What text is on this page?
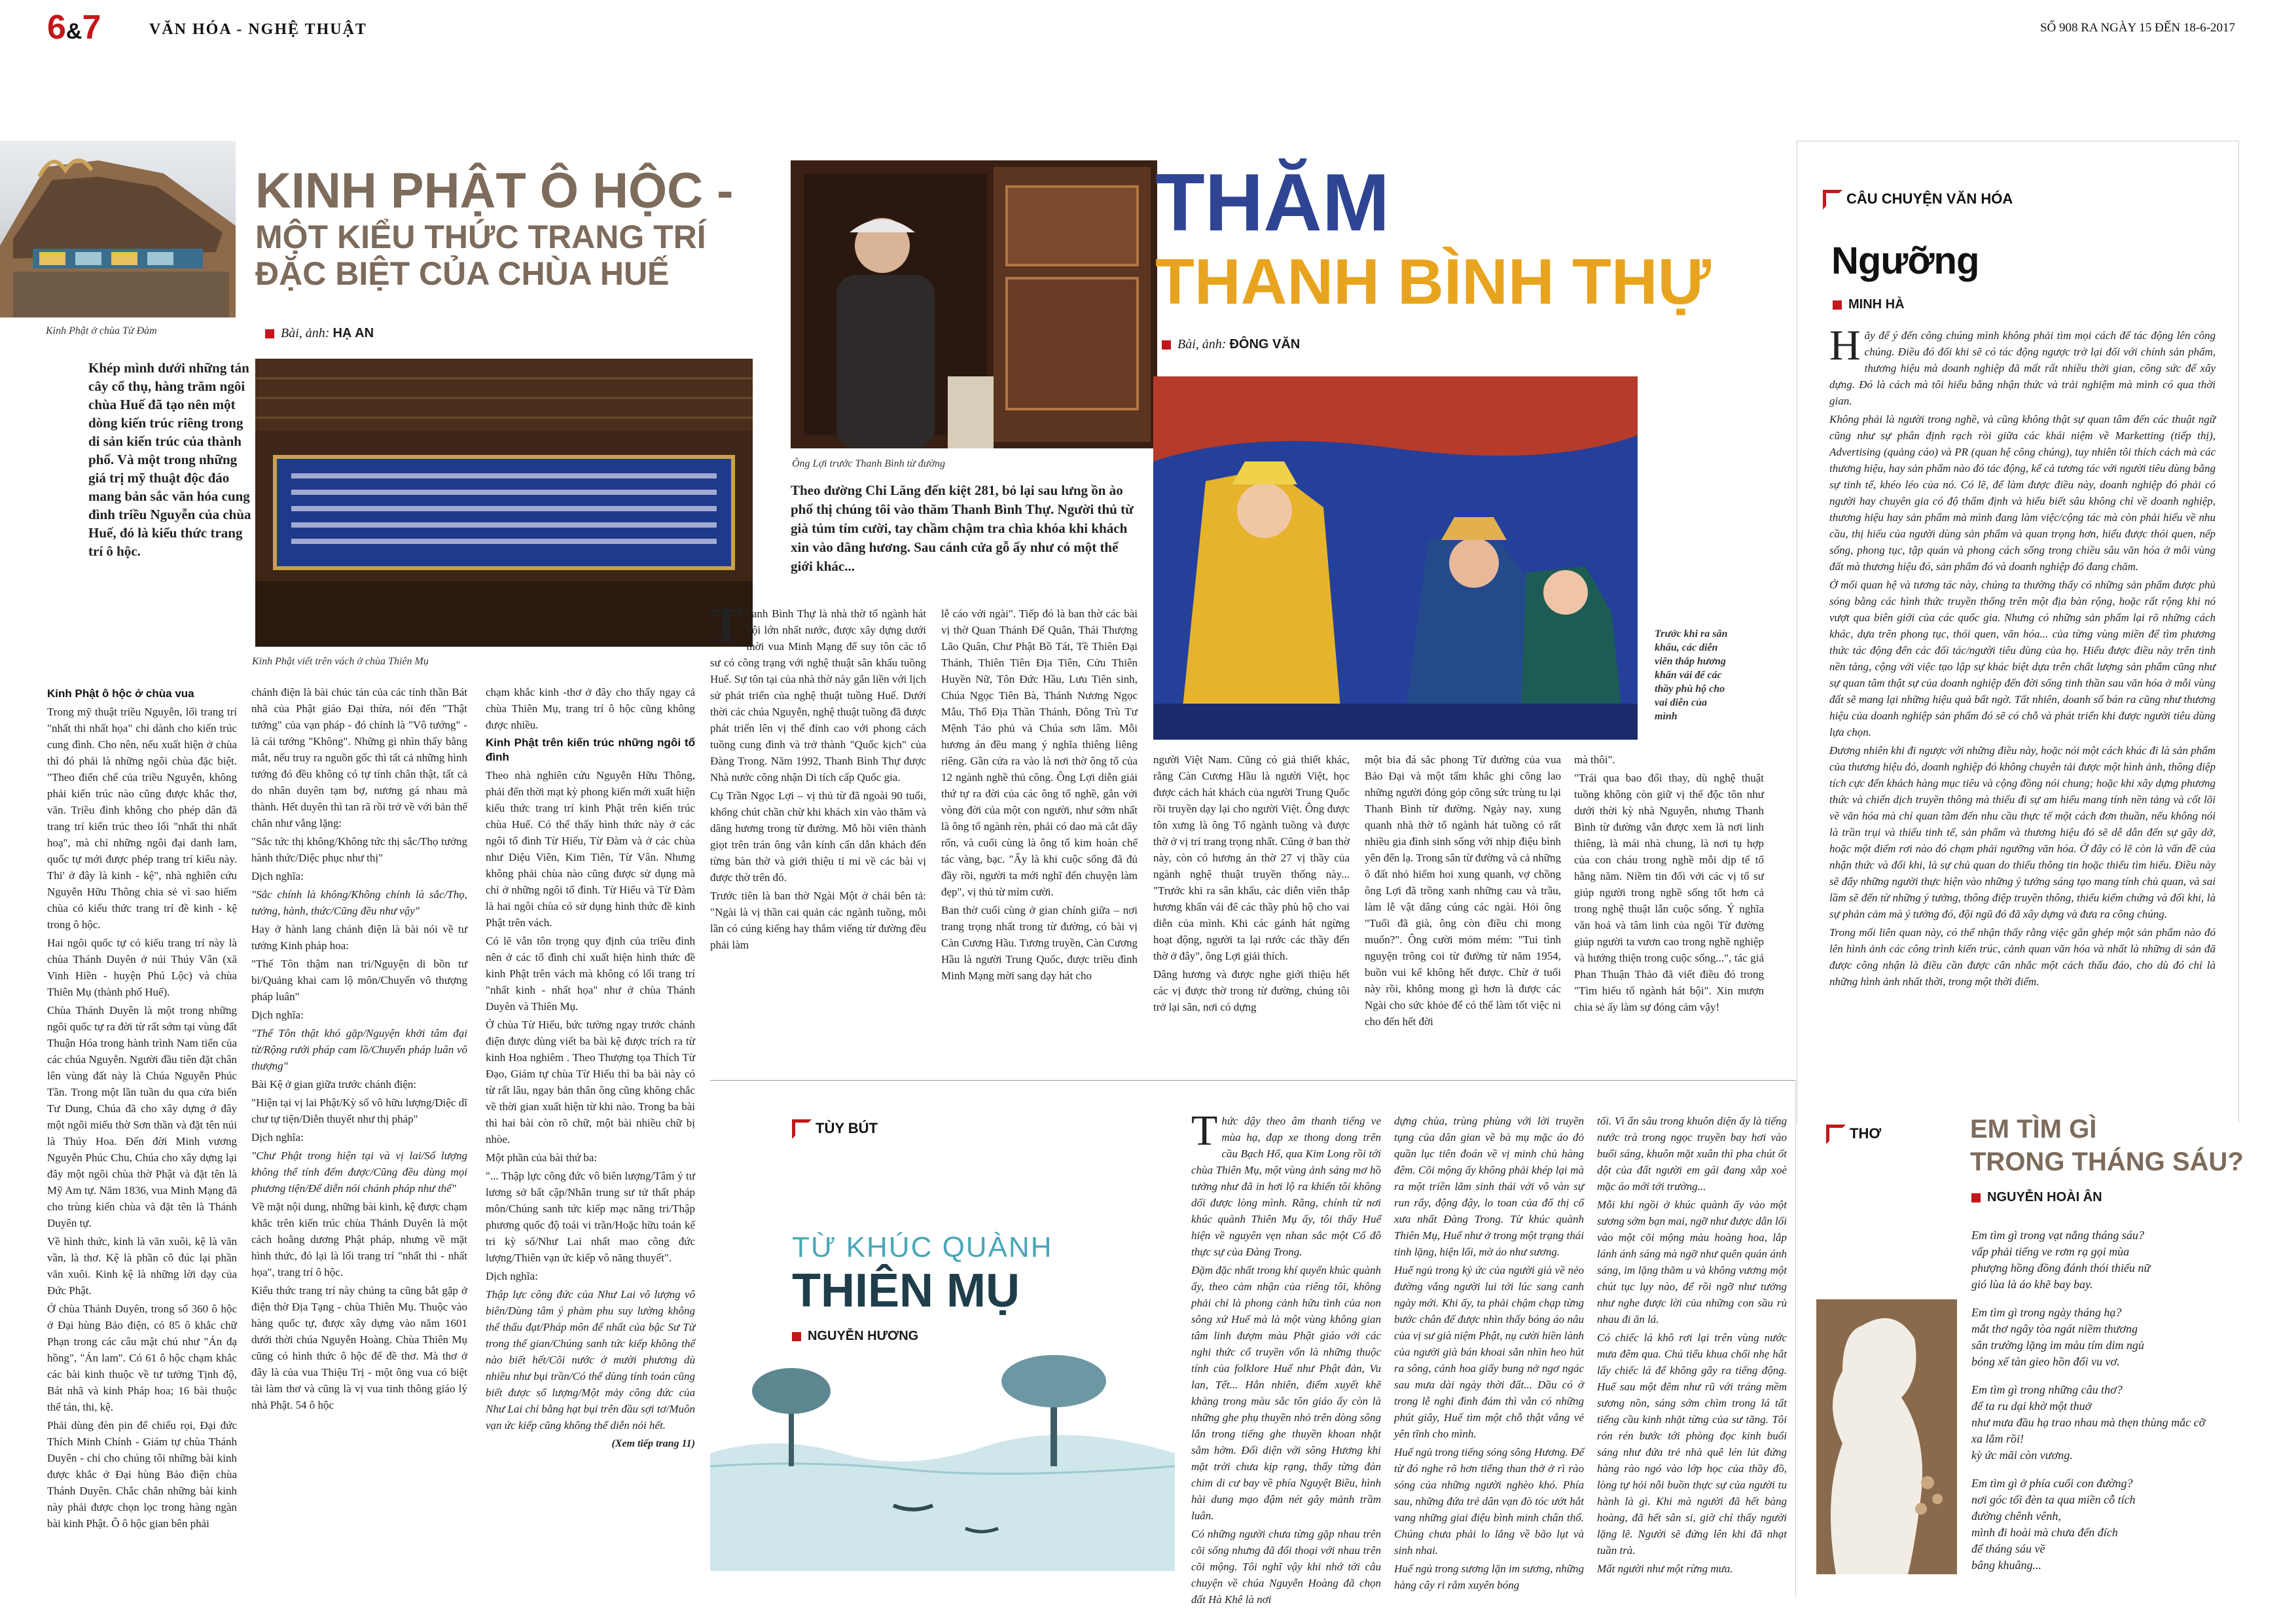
6&7	VĂN HÓA - NGHỆ THUẬT	SỐ 908 RA NGÀY 15 ĐẾN 18-6-2017
Kinh Phật ở chùa Từ Đàm
KINH PHẬT Ô HỘC -
MỘT KIỂU THỨC TRANG TRÍ
ĐẶC BIỆT CỦA CHÙA HUẾ
Bài, ảnh: HẠ AN
Khép mình dưới những tán cây cổ thụ, hàng trăm ngôi chùa Huế đã tạo nên một dòng kiến trúc riêng trong di sản kiến trúc của thành phố. Và một trong những giá trị mỹ thuật độc đáo mang bản sắc văn hóa cung đình triều Nguyễn của chùa Huế, đó là kiểu thức trang trí ô hộc.
Kinh Phật viết trên vách ở chùa Thiên Mụ
Kinh Phật ô hộc ở chùa vua

Trong mỹ thuật triều Nguyễn, lối trang trí "nhất thi nhất họa" chỉ dành cho kiến trúc cung đình. Cho nên, nếu xuất hiện ở chùa thì đó phải là những ngôi chùa đặc biệt. "Theo điển chế của triều Nguyễn, không phải kiến trúc nào cũng được khắc thơ, văn. Triều đình không cho phép dân đã trang trí kiến trúc theo lối "nhất thi nhất hoạ", mà chỉ những ngôi đại danh lam, quốc tự mới được phép trang trí kiểu này. Thi' ở đây là kinh - kệ", nhà nghiên cứu Nguyễn Hữu Thông chia sẻ vì sao hiếm chùa có kiểu thức trang trí đề kinh - kệ trong ô hộc.

Hai ngôi quốc tự có kiểu trang trí này là chùa Thánh Duyên ở núi Thúy Vân (xã Vinh Hiền - huyện Phú Lộc) và chùa Thiên Mụ (thành phố Huế).

Chùa Thánh Duyên là một trong những ngôi quốc tự ra đời từ rất sớm tại vùng đất Thuận Hóa trong hành trình Nam tiến của các chúa Nguyễn. Người đầu tiên đặt chân lên vùng đất này là Chúa Nguyễn Phúc Tần. Trong một lần tuần du qua cửa biển Tư Dung, Chúa đã cho xây dựng ở đây một ngôi miếu thờ Sơn thần và đặt tên núi là Thúy Hoa. Đến đời Minh vương Nguyễn Phúc Chu, Chúa cho xây dựng lại đây một ngôi chùa thờ Phật và đặt tên là Mỹ Am tự. Năm 1836, vua Minh Mạng đã cho trùng kiến chùa và đặt tên là Thánh Duyên tự.

Về hình thức, kinh là văn xuôi, kệ là văn vần, là thơ. Kệ là phần cô đúc lại phần văn xuôi. Kinh kệ là những lời dạy của Đức Phật.

Ở chùa Thánh Duyên, trong số 360 ô hộc ở Đại hùng Bảo điện, có 85 ô khắc chữ Phạn trong các câu mật chú như "Án đạ hồng", "Án lam". Có 61 ô hộc chạm khắc các bài kinh thuộc về tư tưởng Tịnh độ, Bát nhã và kinh Pháp hoa; 16 bài thuộc thể tán, thi, kệ.

Phải dùng đèn pin để chiếu rọi, Đại đức Thích Minh Chính - Giám tự chùa Thánh Duyên - chỉ cho chúng tôi những bài kinh được khắc ở Đại hùng Bảo điện chùa Thánh Duyên. Chắc chắn những bài kinh này phải được chọn lọc trong hàng ngàn bài kinh Phật. Ô ô hộc gian bên phải

chánh điện là bài chúc tán của các tỉnh thần Bát nhã của Phật giáo Đại thừa, nói đến "Thật tướng" của vạn pháp - đó chính là "Vô tướng" - là cái tướng "Không". Những gì nhìn thấy bằng mắt, nếu truy ra nguồn gốc thì tất cả những hình tướng đó đều không có tự tính chân thật, tất cả do nhân duyên tạm bợ, nương gá nhau mà thành. Hết duyên thì tan rã rồi trở về với bản thể chân như vắng lặng:

"Sắc tức thị không/Không tức thị sắc/Thọ tưởng hành thức/Diệc phục như thị"

Dịch nghĩa:

"Sắc chính là không/Không chính là sắc/Thọ, tưởng, hành, thức/Cũng đều như vậy"

Hay ở hành lang chánh điện là bài nói về tư tưởng Kinh pháp hoa:

"Thế Tôn thậm nan tri/Nguyện di bồn tư bi/Quảng khai cam lộ môn/Chuyển vô thượng pháp luân"

Dịch nghĩa:

"Thế Tôn thật khó gặp/Nguyện khởi tâm đại từ/Rộng rưới pháp cam lồ/Chuyển pháp luân vô thượng"

Bài Kệ ở gian giữa trước chánh điện:

"Hiện tại vị lai Phật/Kỳ số vô hữu lượng/Diệc dĩ chư tự tiện/Diễn thuyết như thị pháp"

Dịch nghĩa:

"Chư Phật trong hiện tại và vị lai/Số lượng không thể tính đếm được/Cũng đều dùng mọi phương tiện/Để diễn nói chánh pháp như thế"

Về mặt nội dung, những bài kinh, kệ được chạm khắc trên kiến trúc chùa Thánh Duyên là một cách hoằng dương Phật pháp, nhưng về mặt hình thức, đó lại là lối trang trí "nhất thi - nhất họa", trang trí ô hộc.

Kiểu thức trang trí này chúng ta cũng bắt gặp ở điện thờ Địa Tạng - chùa Thiên Mụ. Thuộc vào hàng quốc tự, được xây dựng vào năm 1601 dưới thời chúa Nguyễn Hoàng. Chùa Thiên Mụ cũng có hình thức ô hộc để đề thơ. Mà thơ ở đây là của vua Thiệu Trị - một ông vua có biệt tài làm thơ và cũng là vị vua tinh thông giáo lý nhà Phật. 54 ô hộc

chạm khắc kinh -thơ ở đây cho thấy ngay cả chùa Thiên Mụ, trang trí ô hộc cũng không được nhiều.

Kinh Phật trên kiến trúc những ngôi tổ đình

Theo nhà nghiên cứu Nguyễn Hữu Thông, phải đến thời mạt kỳ phong kiến mới xuất hiện kiểu thức trang trí kinh Phật trên kiến trúc chùa Huế. Có thể thấy hình thức này ở các ngôi tổ đình Từ Hiếu, Từ Đàm và ở các chùa như Diệu Viên, Kim Tiên, Từ Vân. Nhưng không phải chùa nào cũng được sử dụng mà chỉ ở những ngôi tổ đình. Từ Hiếu và Từ Đàm là hai ngôi chùa có sử dụng hình thức đề kinh Phật trên vách.

Có lẽ vẫn tôn trọng quy định của triều đình nên ở các tổ đình chỉ xuất hiện hình thức đề kinh Phật trên vách mà không có lối trang trí "nhất kinh - nhất họa" như ở chùa Thánh Duyên và Thiên Mụ.

Ở chùa Từ Hiếu, bức tường ngay trước chánh điện được dùng viết ba bài kệ được trích ra từ kinh Hoa nghiêm . Theo Thượng tọa Thích Từ Đạo, Giám tự chùa Từ Hiếu thì ba bài này có từ rất lâu, ngay bản thân ông cũng không chắc về thời gian xuất hiện từ khi nào. Trong ba bài thì hai bài còn rõ chữ, một bài nhiều chữ bị nhòe.

Một phần của bài thứ ba:

"... Thập lực công đức vô biên lượng/Tâm ý tư lương sở bất cập/Nhân trung sư tử thất pháp môn/Chúng sanh tức kiếp mạc năng tri/Thập phương quốc độ toái vi trần/Hoặc hữu toán kế tri kỳ số/Như Lai nhất mao công đức lượng/Thiên vạn ức kiếp vô năng thuyết".

Dịch nghĩa:

Thập lực công đức của Như Lai vô lượng vô biên/Dùng tâm ý phàm phu suy lường không thể thấu đạt/Pháp môn để nhất của bậc Sư Tử trong thế gian/Chúng sanh tức kiếp không thể nào biết hết/Cõi nước ở mười phương dù nhiều như bụi trần/Có thể dùng tính toán cũng biết được số lượng/Một mảy công đức của Như Lai chỉ bằng hạt bụi trên đầu sợi tơ/Muôn vạn ức kiếp cũng không thể diễn nói hết.

(Xem tiếp trang 11)

Ông Lợi trước Thanh Bình từ đường
THĂM
THANH BÌNH THỰ
Bài, ảnh: ĐÔNG VĂN
Trước khi ra sân khấu, các diễn viên thắp hương khấn vái để các thầy phù hộ cho vai diễn của mình
Theo đường Chi Lăng đến kiệt 281, bỏ lại sau lưng ồn ào phố thị chúng tôi vào thăm Thanh Bình Thự. Người thủ từ già tủm tỉm cười, tay chầm chậm tra chìa khóa khi khách xin vào dâng hương. Sau cánh cửa gỗ ấy như có một thế giới khác...

Thanh Bình Thự là nhà thờ tổ ngành hát bội lớn nhất nước, được xây dựng dưới thời vua Minh Mạng để suy tôn các tổ sư có công trạng với nghệ thuật sân khấu tuồng Huế. Sự tôn tại của nhà thờ này gắn liền với lịch sử phát triển của nghệ thuật tuồng Huế. Dưới thời các chúa Nguyễn, nghệ thuật tuồng đã được phát triển lên vị thế đỉnh cao với phong cách tuồng cung đình và trở thành "Quốc kịch" của Đàng Trong. Năm 1992, Thanh Bình Thự được Nhà nước công nhận Di tích cấp Quốc gia.

Cụ Trần Ngọc Lợi – vị thủ từ đã ngoài 90 tuổi, khổng chút chần chừ khi khách xin vào thăm và dâng hương trong từ đường. Mỗ hồi viên thành giọt trên trán ông vẫn kính cẩn dẫn khách đến từng bàn thờ và giới thiệu tỉ mỉ về các bài vị được thờ trên đó.

Trước tiên là ban thờ Ngài Một ở chái bên tả: "Ngài là vị thần cai quản các ngành tuồng, mỗi lần có cúng kiếng hay thắm viếng từ đường đều phải làm

lễ cáo với ngài". Tiếp đó là ban thờ các bài vị thờ Quan Thánh Đế Quân, Thái Thượng Lão Quân, Chư Phật Bồ Tát, Tề Thiên Đại Thánh, Thiên Tiên Địa Tiên, Cửu Thiên Huyền Nữ, Tôn Đức Hầu, Lưu Tiên sinh, Chúa Ngọc Tiên Bà, Thánh Nương Ngọc Mẫu, Thổ Địa Thần Thánh, Đông Trù Tư Mệnh Táo phủ và Chúa sơn lâm. Mỗi hương án đều mang ý nghĩa thiêng liêng riêng. Gần cửa ra vào là nơi thờ ông tổ của 12 ngành nghề thủ công. Ông Lợi diễn giải thứ tự ra đời của các ông tổ nghề, gắn với vòng đời của một con người, như sớm nhất là ông tổ ngành rèn, phải có dao mà cắt dây rốn, và cuối cùng là ông tổ kim hoàn chế tác vàng, bạc. "Ấy là khi cuộc sống đã đủ đầy rồi, người ta mới nghĩ đến chuyện làm đẹp", vị thủ từ mỉm cười.

Ban thờ cuối cùng ở gian chính giữa – nơi trang trọng nhất trong từ đường, có bài vị Càn Cương Hầu. Tương truyền, Càn Cương Hầu là người Trung Quốc, được triều đình Minh Mạng mời sang dạy hát cho

người Việt Nam. Cũng có giả thiết khác, rằng Càn Cương Hầu là người Việt, học được cách hát khách của người Trung Quốc rồi truyền dạy lại cho người Việt. Ông được tôn xưng là ông Tổ ngành tuồng và được thờ ở vị trí trang trọng nhất. Cũng ở ban thờ này, còn có hương án thờ 27 vị thầy của ngành nghệ thuật truyền thống này... "Trước khi ra sân khấu, các diễn viên thắp hương khấn vái để các thầy phù hộ cho vai diễn của mình. Khi các gánh hát ngừng hoạt động, người ta lại rước các thầy đến thờ ở đây", ông Lợi giải thích.

Dâng hương và được nghe giới thiệu hết các vị được thờ trong từ đường, chúng tôi trở lại sân, nơi có dựng

một bia đá sắc phong Từ đường của vua Bảo Đại và một tấm khắc ghi công lao những người đóng góp công sức trùng tu lại Thanh Bình từ đường. Ngày nay, xung quanh nhà thờ tổ ngành hát tuồng có rất nhiều gia đình sinh sống với nhịp điệu bình yên đến lạ. Trong sân từ đường và cả những ô đất nhỏ hiếm hoi xung quanh, vợ chồng ông Lợi đã trồng xanh những cau và trầu, làm lễ vật dâng cúng các ngài. Hỏi ông "Tuổi đã già, ông còn điều chi mong muốn?". Ông cười mỏm mém: "Tui tình nguyện trông coi từ đường từ năm 1954, buồn vui kể không hết được. Chừ ở tuổi này rồi, không mong gì hơn là được các Ngài cho sức khỏe để có thể làm tốt việc ni cho đến hết đời

mà thôi".

"Trái qua bao đổi thay, dù nghệ thuật tuồng không còn giữ vị thế độc tôn như dưới thời kỳ nhà Nguyễn, nhưng Thanh Bình từ đường vẫn được xem là nơi linh thiêng, là mái nhà chung, là nơi tụ hợp của con cháu trong nghề mỗi dịp tế tổ hằng năm. Niềm tin đối với các vị tổ sư giúp người trong nghề sống tốt hơn cả trong nghệ thuật lẫn cuộc sống. Ý nghĩa văn hoá và tâm linh của ngôi Từ đường giúp người ta vươn cao trong nghề nghiệp và hướng thiện trong cuộc sống...", tác giả Phan Thuận Thảo đã viết điều đó trong "Tìm hiểu tổ ngành hát bội". Xin mượn chia sẻ ấy làm sự đóng cảm vậy!

CÂU CHUYỆN VĂN HÓA
Ngưỡng
MINH HÀ

Hãy để ý đến công chúng mình không phải tìm mọi cách để tác động lên công chúng. Điều đó đối khi sẽ có tác động ngược trở lại đối với chính sản phẩm, thương hiệu mà doanh nghiệp đã mất rất nhiều thời gian, công sức để xây dựng. Đó là cách mà tôi hiểu bằng nhận thức và trải nghiệm mà mình có qua thời gian.

Không phải là người trong nghề, và cũng không thật sự quan tâm đến các thuật ngữ cũng như sự phân định rạch ròi giữa các khái niệm về Marketting (tiếp thị), Advertising (quảng cáo) và PR (quan hệ công chúng), tuy nhiên tôi thích cách mà các thương hiệu, hay sản phẩm nào đó tác động, kể cả tương tác với người tiêu dùng bằng sự tinh tế, khéo léo của nó. Có lẽ, để làm được điều này, doanh nghiệp đó phải có người hay chuyên gia có độ thẩm định và hiểu biết sâu không chỉ về doanh nghiệp, thương hiệu hay sản phẩm mà mình đang làm việc/cộng tác mà còn phải hiểu về nhu cầu, thị hiếu của người dùng sản phẩm và quan trọng hơn, hiểu được thói quen, nếp sống, phong tục, tập quán và phong cách sống trong chiều sâu văn hóa ở mỗi vùng đất mà thương hiệu đó, sản phẩm đó và doanh nghiệp đó đang chăm.

Ở mối quan hệ và tương tác này, chúng ta thường thấy có những sản phẩm được phủ sóng bằng các hình thức truyền thống trên một địa bàn rộng, hoặc rất rộng khi nó vượt qua biên giới của các quốc gia. Nhưng có những sản phẩm lại rõ những cách khác, dựa trên phong tục, thói quen, văn hóa... của từng vùng miền để tìm phương thức tác động đến các đối tác/người tiêu dùng của họ. Hiểu được điều này trên tình nền tảng, cộng với việc tạo lập sự khác biệt dựa trên chất lượng sản phẩm cũng như sự quan tâm thật sự của doanh nghiệp đến đời sống tinh thần sau văn hóa ở mỗi vùng đất sẽ mang lại những hiệu quả bất ngờ. Tất nhiên, doanh số bán ra cũng như thương hiệu của doanh nghiệp sản phẩm đó sẽ có chỗ và phát triển khi được người tiêu dùng lựa chọn.

Đương nhiên khi đi ngược với những điều này, hoặc nói một cách khác đi là sản phẩm của thương hiệu đó, doanh nghiệp đó không chuyên tải được một hình ảnh, thông điệp tích cực đến khách hàng mục tiêu và cộng đồng nói chung; hoặc khi xây dựng phương thức và chiến dịch truyền thông mà thiếu đi sự am hiểu mang tính nền tảng và cốt lõi về văn hóa mà chỉ quan tâm đến nhu cầu thực tế một cách đơn thuần, nếu không nói là trần trụi và thiếu tinh tế, sản phẩm và thương hiệu đó sẽ dễ dẫn đến sự gây dở, hoặc một điểm rơi nào đó chạm phải ngưỡng văn hóa. Ở đây có lẽ còn là vấn đề của nhận thức và đối khi, là sự chủ quan do thiếu thông tin hoặc thiếu tìm hiểu. Điều này sẽ đẩy những người thực hiện vào những ý tưởng sáng tạo mang tính chủ quan, và sai lầm sẽ đến từ những ý tưởng, thông điệp truyền thông, thiếu kiểm chứng và đối khi, là sự phản cảm mà ý tưởng đó, đội ngũ đó đã xây dựng và đưa ra công chúng.

Trong mối liên quan này, có thể nhận thấy rằng việc gắn ghép một sản phẩm nào đó lên hình ảnh các công trình kiến trúc, cảnh quan văn hóa và nhất là những di sản đã được công nhận là điều cần được cân nhắc một cách thấu đáo, cho dù đó chỉ là những hình ảnh nhất thời, trong một thời điểm.

TÙY BÚT
TỪ KHÚC QUÀNH
THIÊN MỤ
NGUYỄN HƯƠNG

Thức dậy theo âm thanh tiếng ve mùa hạ, đạp xe thong dong trên cầu Bạch Hổ, qua Kim Long rồi tới chùa Thiên Mụ, một vùng ảnh sáng mơ hồ tưởng như đã in hơi lộ ra khiến tôi không dối được lòng mình. Rằng, chính từ nơi khúc quành Thiên Mụ ấy, tôi thấy Huế hiện về nguyên vẹn nhan sắc một Cố đô thực sự của Đàng Trong.

Đặm đặc nhất trong khí quyển khúc quành ấy, theo cảm nhận của riêng tôi, không phải chỉ là phong cảnh hữu tình của non sông xứ Huế mà là một vùng không gian tâm linh đượm màu Phật giáo với các nghi thức cổ truyền vốn là những thuộc tính của folklore Huế như Phật đản, Vu lan, Tết... Hẳn nhiên, điểm xuyết khẽ khàng trong màu sắc tôn giáo ấy còn là những ghe phụ thuyền nhỏ trên dòng sông lẫn trong tiếng ghe thuyền khoan nhặt sắm hờm. Đối diện với sông Hương khi mặt trời chưa kịp rạng, thấy từng đàn chim di cư bay về phía Nguyệt Biều, hình hài dung mạo đậm nét gây mảnh trầm luân.

Có những người chưa từng gặp nhau trên cõi sống nhưng đã đối thoại với nhau trên cõi mộng. Tôi nghĩ vậy khi nhớ tới câu chuyện về chúa Nguyễn Hoàng đã chọn đất Hà Khê là nơi

dựng chùa, trùng phùng với lời truyền tụng của dân gian về bà mụ mặc áo đỏ quần lục tiên đoán về vị minh chủ hàng đêm. Cõi mộng ấy không phải khép lại mà ra một triền lãm sinh thái với vô vàn sự run rẩy, động đậy, lo toan của đố thị cổ xưa nhất Đàng Trong. Từ khúc quành Thiên Mụ, Huế như ở trong một trạng thái tinh lặng, hiện lối, mờ áo như sương.

Huế ngủ trong kỷ ức của người già về nẻo đường vắng người lui tới lúc sang canh ngày mới. Khi ấy, ta phải chậm chạp từng bước chân để được nhìn thấy bóng áo nâu của vị sư già niệm Phật, nụ cười hiền lành của người già bán khoai sắn nhìn heo hút ra sông, cánh hoa giấy bung nở ngơ ngác sau mưa dài ngày thời đất... Dầu có ở trong lễ nghi đình đám thì vẫn có những phút giây, Huế tìm một chỗ thật vắng vẻ yên tĩnh cho mình.

Huế ngủ trong tiếng sóng sông Hương. Để từ đó nghe rõ hơn tiếng than thở ở rì rào sóng của những người nghèo khó. Phía sau, những đứa trẻ dân vạn đò tóc ướt hắt vang những giai điệu bình minh chân thổ. Chúng chưa phải lo lắng về bão lụt và sinh nhai.

Huế ngủ trong sương lặn im sương, những hàng cây ri rắm xuyên bóng

tối. Vì ẩn sâu trong khuôn diện ấy là tiếng nước trà trong ngọc truyền bay hơi vào buổi sáng, khuôn mặt xuân thì pha chút ốt dột của đất người em gái đang xắp xoè mặc áo mới tới trường...

Mỗi khi ngồi ở khúc quành ấy vào một sương sớm bạn mai, ngỡ như được dẫn lối vào một cõi mộng màu hoàng hoa, lắp lánh ánh sáng mà ngỡ như quên quán ánh sáng, im lặng thăm u và không vương một chút tục lụy nào, để rồi ngỡ như tưởng như nghe được lời của những con sầu rủ nhau đi ăn lá.

Có chiếc lá khô rơi lại trên vùng nước mưa đêm qua. Chú tiểu khua chổi nhẹ hắt lấy chiếc lá để không gây ra tiếng động. Huế sau một đêm như rũ với tráng mềm sương nồn, sáng sớm chìm trong lá tất tiếng cầu kinh nhặt từng của sư tăng. Tôi rón rén bước tới phòng đọc kinh buổi sáng như đứa trẻ nhà quê lén lút đứng hàng rào ngó vào lớp học của thầy đồ, lòng tự hỏi nỗi buồn thực sự của người tu hành là gì. Khi mà người đã hết bàng hoàng, đã hết sân si, giờ chỉ thấy người lặng lẽ. Người sẽ đứng lên khi đã nhạt tuần trà.

Mất người như một rừng mưa.

THƠ	EM TÌM GÌ
TRONG THÁNG SÁU?
NGUYỄN HOÀI ÂN
Em tìm gì trong vạt nắng tháng sáu?
vấp phải tiếng ve rơm rạ gọi mùa
phượng hồng đồng đánh thói thiếu nữ
gió lùa là áo khẽ bay bay.
Em tìm gì trong ngày tháng hạ?
mắt thơ ngây tòa ngát niềm thương
sân trường lặng im màu tím dim ngủ
bóng xế tàn gieo hồn đổi vu vơ.
Em tìm gì trong những câu thơ?
để ta ru dại khờ một thuở
như mưa đầu hạ trao nhau mà thẹn thùng mắc cỡ
xa lắm rồi!
kỳ ức mãi còn vương.
Em tìm gì ở phía cuối con đường?
nơi góc tối đèn ta qua miền cỗ tích
đường chênh vênh,
mình đi hoài mà chưa đến đích
để tháng sáu về
bâng khuâng...
